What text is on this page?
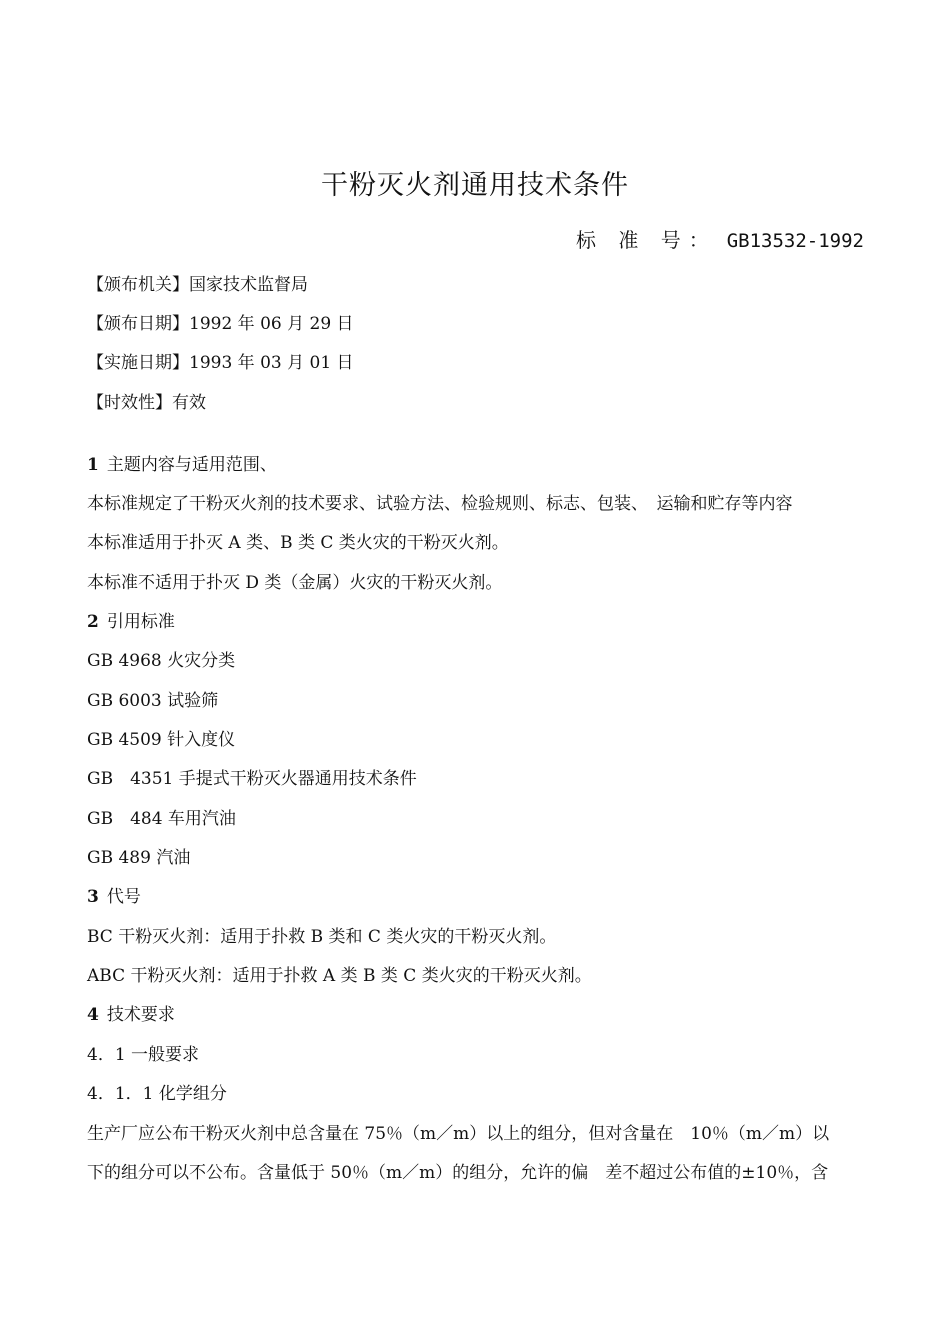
干粉灭火剂通用技术条件
标 准 号： GB13532-1992
【颁布机关】国家技术监督局
【颁布日期】1992 年 06 月 29 日
【实施日期】1993 年 03 月 01 日
【时效性】有效
1 主题内容与适用范围、
本标准规定了干粉灭火剂的技术要求、试验方法、检验规则、标志、包装、　运输和贮存等内容
本标准适用于扑灭 A 类、B 类 C 类火灾的干粉灭火剂。
本标准不适用于扑灭 D 类（金属）火灾的干粉灭火剂。
2 引用标准
GB 4968 火灾分类
GB 6003 试验筛
GB 4509 针入度仪
GB　4351 手提式干粉灭火器通用技术条件
GB　484 车用汽油
GB 489 汽油
3 代号
BC 干粉灭火剂：适用于扑救 B 类和 C 类火灾的干粉灭火剂。
ABC 干粉灭火剂：适用于扑救 A 类 B 类 C 类火灾的干粉灭火剂。
4 技术要求
4．1 一般要求
4．1．1 化学组分
生产厂应公布干粉灭火剂中总含量在 75％（m／m）以上的组分，但对含量在　10％（m／m）以
下的组分可以不公布。含量低于 50％（m／m）的组分，允许的偏　差不超过公布值的±10％，含
